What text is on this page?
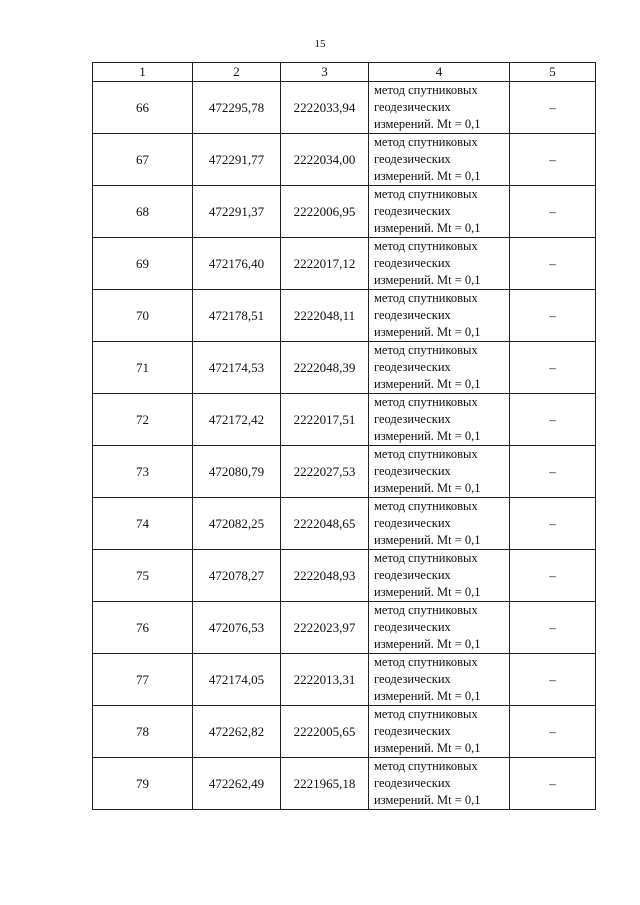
15
1	2	3	4	5
66	472295,78	2222033,94	метод спутниковых
геодезических
измерений. Mt = 0,1	–
67	472291,77	2222034,00	метод спутниковых
геодезических
измерений. Mt = 0,1	–
68	472291,37	2222006,95	метод спутниковых
геодезических
измерений. Mt = 0,1	–
69	472176,40	2222017,12	метод спутниковых
геодезических
измерений. Mt = 0,1	–
70	472178,51	2222048,11	метод спутниковых
геодезических
измерений. Mt = 0,1	–
71	472174,53	2222048,39	метод спутниковых
геодезических
измерений. Mt = 0,1	–
72	472172,42	2222017,51	метод спутниковых
геодезических
измерений. Mt = 0,1	–
73	472080,79	2222027,53	метод спутниковых
геодезических
измерений. Mt = 0,1	–
74	472082,25	2222048,65	метод спутниковых
геодезических
измерений. Mt = 0,1	–
75	472078,27	2222048,93	метод спутниковых
геодезических
измерений. Mt = 0,1	–
76	472076,53	2222023,97	метод спутниковых
геодезических
измерений. Mt = 0,1	–
77	472174,05	2222013,31	метод спутниковых
геодезических
измерений. Mt = 0,1	–
78	472262,82	2222005,65	метод спутниковых
геодезических
измерений. Mt = 0,1	–
79	472262,49	2221965,18	метод спутниковых
геодезических
измерений. Mt = 0,1	–
